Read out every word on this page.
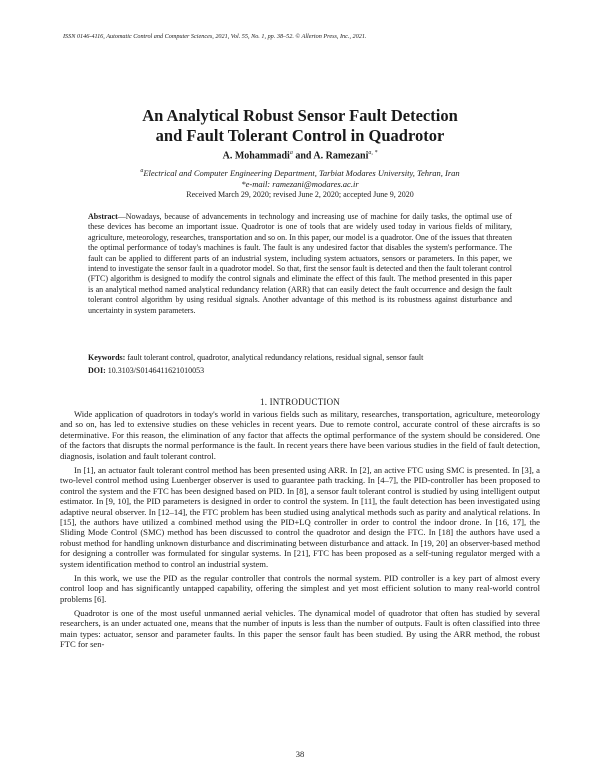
ISSN 0146-4116, Automatic Control and Computer Sciences, 2021, Vol. 55, No. 1, pp. 38–52. © Allerton Press, Inc., 2021.
An Analytical Robust Sensor Fault Detection
and Fault Tolerant Control in Quadrotor
A. Mohammadi$^a$ and A. Ramezani$^{a, *}$
$^a$Electrical and Computer Engineering Department, Tarbiat Modares University, Tehran, Iran
*e-mail: ramezani@modares.ac.ir
Received March 29, 2020; revised June 2, 2020; accepted June 9, 2020
Abstract—Nowadays, because of advancements in technology and increasing use of machine for daily tasks, the optimal use of these devices has become an important issue. Quadrotor is one of tools that are widely used today in various fields of military, agriculture, meteorology, researches, transportation and so on. In this paper, our model is a quadrotor. One of the issues that threaten the optimal performance of today's machines is fault. The fault is any undesired factor that disables the system's performance. The fault can be applied to different parts of an industrial system, including system actuators, sensors or parameters. In this paper, we intend to investigate the sensor fault in a quadrotor model. So that, first the sensor fault is detected and then the fault tolerant control (FTC) algorithm is designed to modify the control signals and eliminate the effect of this fault. The method presented in this paper is an analytical method named analytical redundancy relation (ARR) that can easily detect the fault occurrence and design the fault tolerant control algorithm by using residual signals. Another advantage of this method is its robustness against disturbance and uncertainty in system parameters.
Keywords: fault tolerant control, quadrotor, analytical redundancy relations, residual signal, sensor fault
DOI: 10.3103/S0146411621010053
1. INTRODUCTION

Wide application of quadrotors in today's world in various fields such as military, researches, transportation, agriculture, meteorology and so on, has led to extensive studies on these vehicles in recent years. Due to remote control, accurate control of these aircrafts is so determinative. For this reason, the elimination of any factor that affects the optimal performance of the system should be considered. One of the factors that disrupts the normal performance is the fault. In recent years there have been various studies in the field of fault detection, diagnosis, isolation and fault tolerant control.

In [1], an actuator fault tolerant control method has been presented using ARR. In [2], an active FTC using SMC is presented. In [3], a two-level control method using Luenberger observer is used to guarantee path tracking. In [4–7], the PID-controller has been proposed to control the system and the FTC has been designed based on PID. In [8], a sensor fault tolerant control is studied by using intelligent output estimator. In [9, 10], the PID parameters is designed in order to control the system. In [11], the fault detection has been investigated using adaptive neural observer. In [12–14], the FTC problem has been studied using analytical methods such as parity and analytical relations. In [15], the authors have utilized a combined method using the PID+LQ controller in order to control the indoor drone. In [16, 17], the Sliding Mode Control (SMC) method has been discussed to control the quadrotor and design the FTC. In [18] the authors have used a robust method for handling unknown disturbance and discriminating between disturbance and attack. In [19, 20] an observer-based method for designing a controller was formulated for singular systems. In [21], FTC has been proposed as a self-tuning regulator merged with a system identification method to control an industrial system.

In this work, we use the PID as the regular controller that controls the normal system. PID controller is a key part of almost every control loop and has significantly untapped capability, offering the simplest and yet most efficient solution to many real-world control problems [6].

Quadrotor is one of the most useful unmanned aerial vehicles. The dynamical model of quadrotor that often has studied by several researchers, is an under actuated one, means that the number of inputs is less than the number of outputs. Fault is often classified into three main types: actuator, sensor and parameter faults. In this paper the sensor fault has been studied. By using the ARR method, the robust FTC for sen-

38
